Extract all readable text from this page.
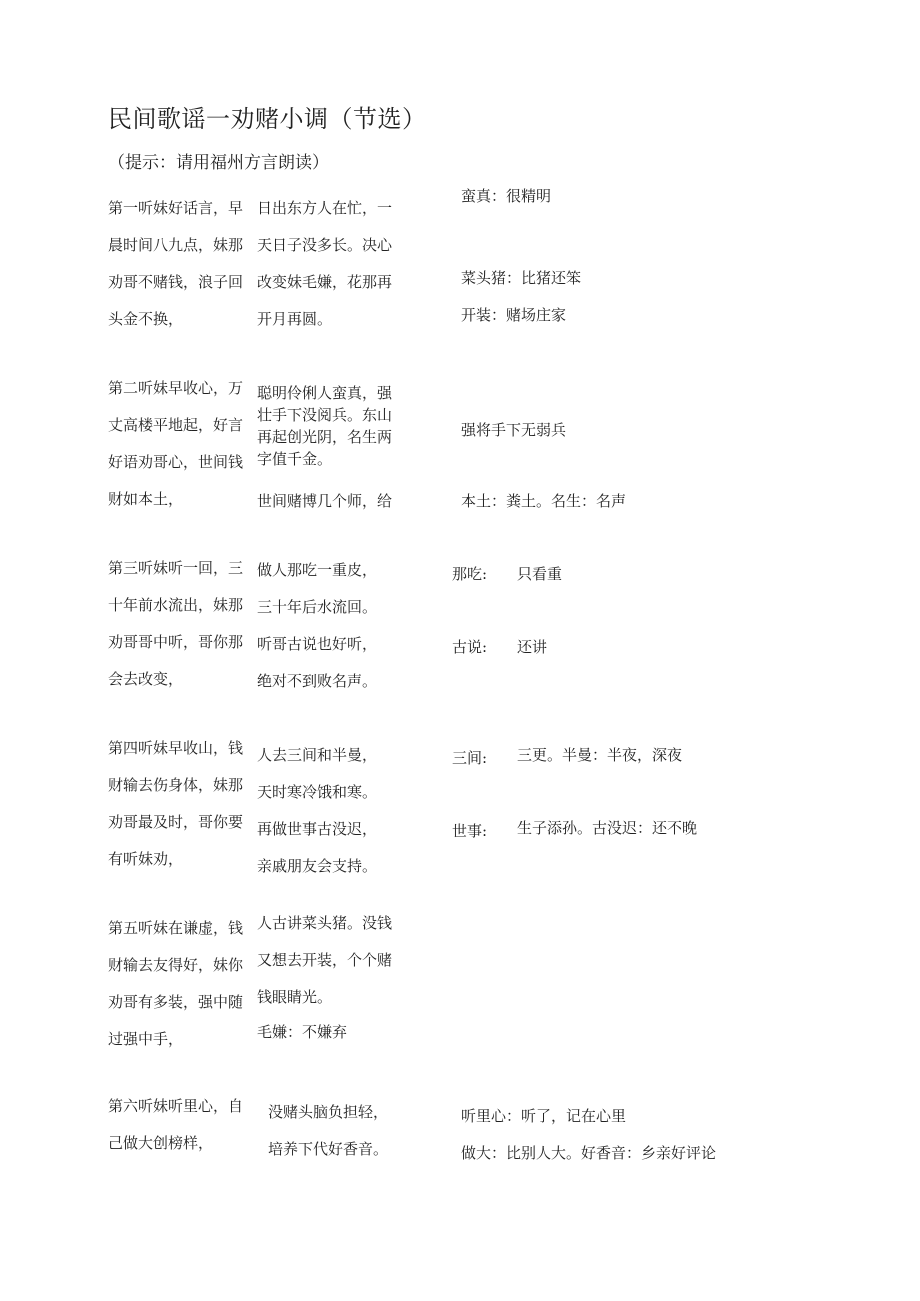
民间歌谣一劝赌小调（节选）
（提示：请用福州方言朗读）
第一听妹好话言，早
晨时间八九点，妹那
劝哥不赌钱，浪子回
头金不换，
日出东方人在忙，一
天日子没多长。决心
改变妹毛嫌，花那再
开月再圆。
蛮真：很精明
菜头猪：比猪还笨
开装：赌场庄家
第二听妹早收心，万
丈高楼平地起，好言
好语劝哥心，世间钱
财如本土，
聪明伶俐人蛮真，强
壮手下没阅兵。东山
再起创光阴，名生两
字值千金。
世间赌博几个师，给
强将手下无弱兵
本土：粪土。名生：名声
第三听妹听一回，三
十年前水流出，妹那
劝哥哥中听，哥你那
会去改变，
做人那吃一重皮，
三十年后水流回。
听哥古说也好听，
绝对不到败名声。
那吃: 只看重
古说: 还讲
第四听妹早收山，钱
财输去伤身体，妹那
劝哥最及时，哥你要
有听妹劝，
人去三间和半曼，
天时寒冷饿和寒。
再做世事古没迟，
亲戚朋友会支持。
三间: 三更。半曼：半夜，深夜
世事: 生子添孙。古没迟：还不晚
第五听妹在谦虚，钱
财输去友得好，妹你
劝哥有多装，强中随
过强中手，
人古讲菜头猪。没钱
又想去开装，个个赌
钱眼睛光。
毛嫌：不嫌弃
第六听妹听里心，自
己做大创榜样，
没赌头脑负担轻，
培养下代好香音。
听里心：听了，记在心里
做大：比别人大。好香音：乡亲好评论
